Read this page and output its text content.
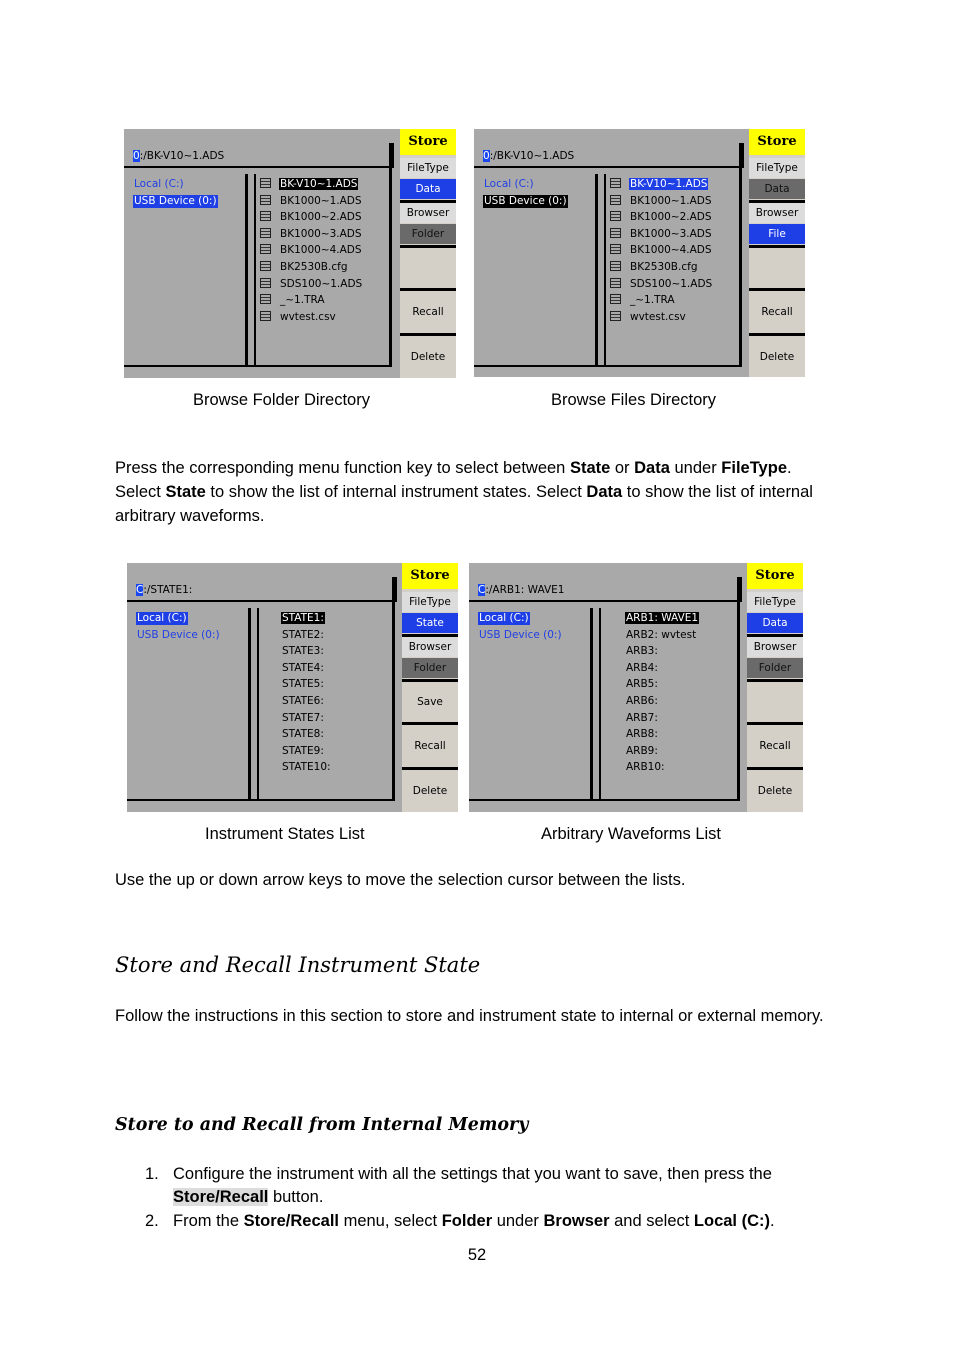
0:/BK-V10~1.ADS
Local (C:)
USB Device (0:)
BK-V10~1.ADS
BK1000~1.ADS
BK1000~2.ADS
BK1000~3.ADS
BK1000~4.ADS
BK2530B.cfg
SDS100~1.ADS
_~1.TRA
wvtest.csv
Store
FileType
Data
Browser
Folder
Recall
Delete
0:/BK-V10~1.ADS
Local (C:)
USB Device (0:)
BK-V10~1.ADS
BK1000~1.ADS
BK1000~2.ADS
BK1000~3.ADS
BK1000~4.ADS
BK2530B.cfg
SDS100~1.ADS
_~1.TRA
wvtest.csv
Store
FileType
Data
Browser
File
Recall
Delete
Browse Folder Directory	Browse Files Directory
Press the corresponding menu function key to select between State or Data under FileType.
Select State to show the list of internal instrument states. Select Data to show the list of internal arbitrary waveforms.
C:/STATE1:
Local (C:)

USB Device (0:)
STATE1:
STATE2:
STATE3:
STATE4:
STATE5:
STATE6:
STATE7:
STATE8:
STATE9:
STATE10:
Store
FileType
State
Browser
Folder
Save
Recall
Delete
C:/ARB1: WAVE1
Local (C:)

USB Device (0:)
ARB1: WAVE1
ARB2: wvtest
ARB3:
ARB4:
ARB5:
ARB6:
ARB7:
ARB8:
ARB9:
ARB10:
Store
FileType
Data
Browser
Folder
Recall
Delete
Instrument States List	Arbitrary Waveforms List
Use the up or down arrow keys to move the selection cursor between the lists.
Store and Recall Instrument State
Follow the instructions in this section to store and instrument state to internal or external memory.
Store to and Recall from Internal Memory
1. Configure the instrument with all the settings that you want to save, then press the
Store/Recall button.
2. From the Store/Recall menu, select Folder under Browser and select Local (C:).
52
